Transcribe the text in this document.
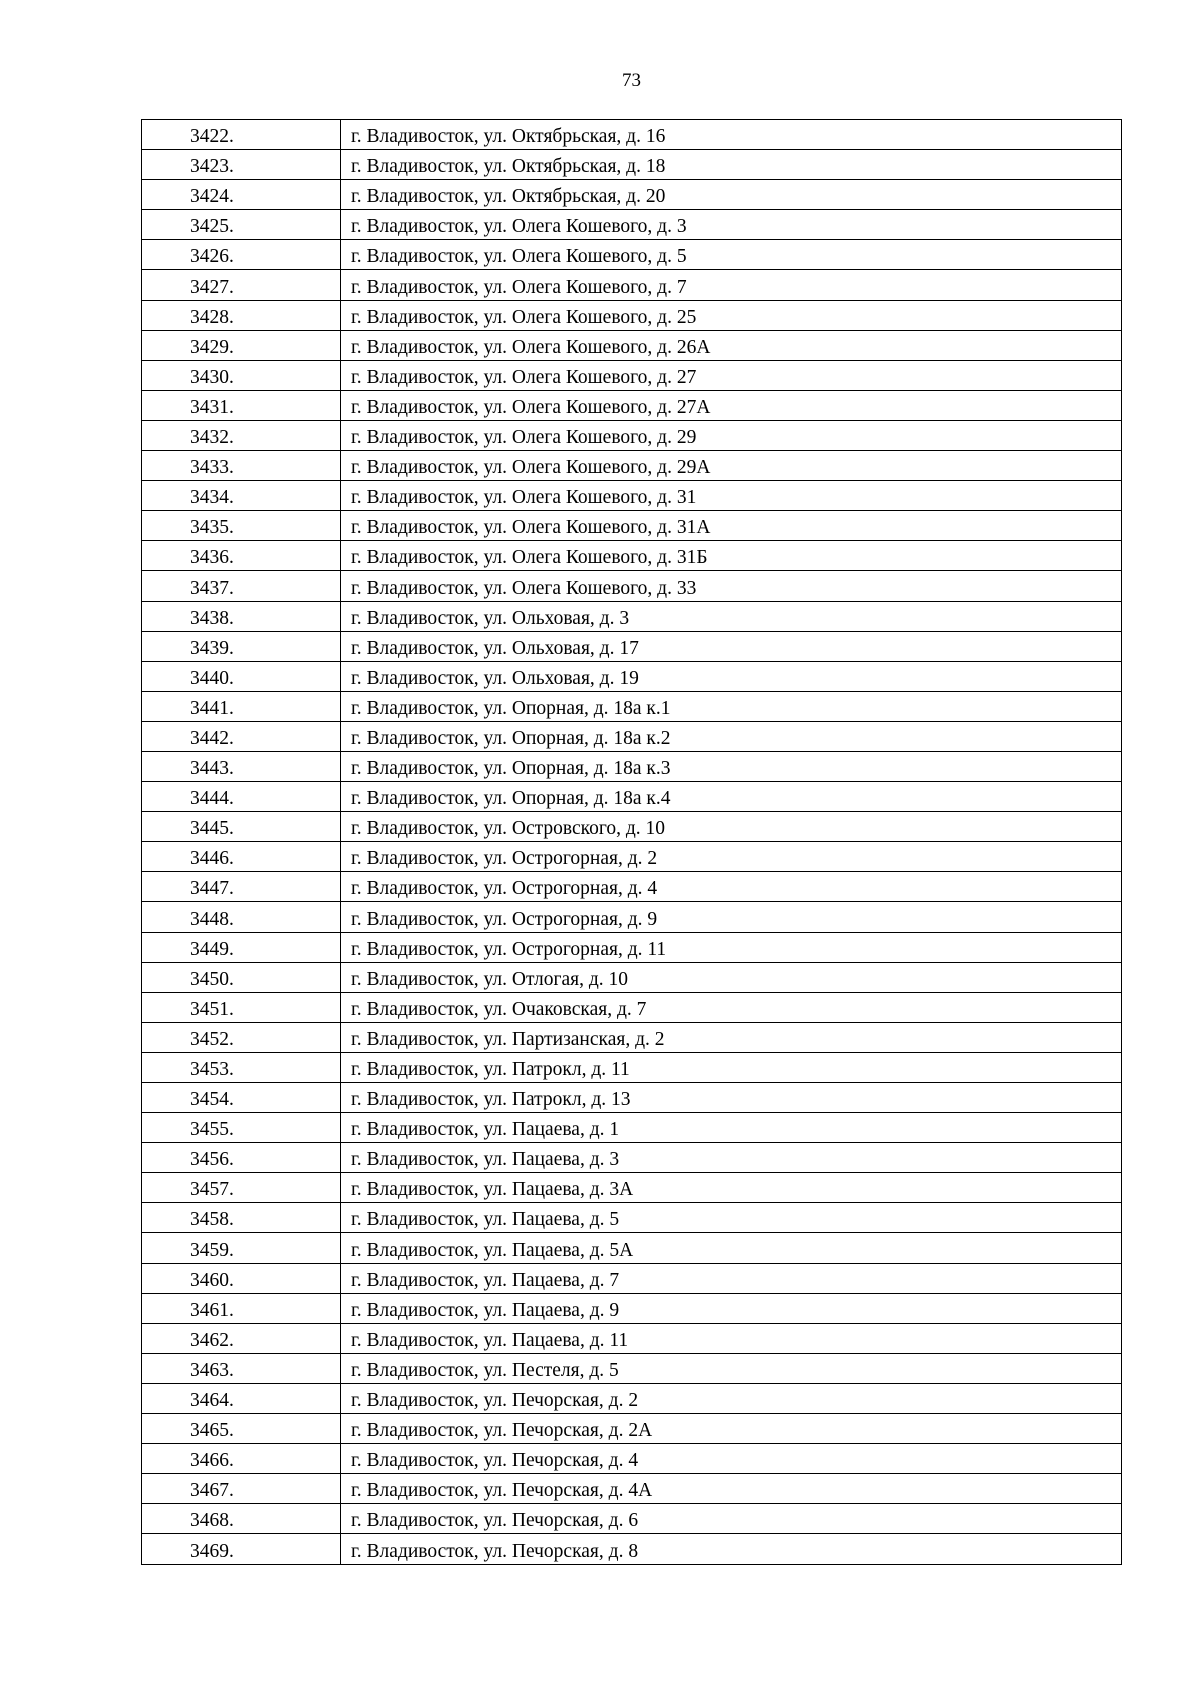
73
3422.	г. Владивосток, ул. Октябрьская, д. 16
3423.	г. Владивосток, ул. Октябрьская, д. 18
3424.	г. Владивосток, ул. Октябрьская, д. 20
3425.	г. Владивосток, ул. Олега Кошевого, д. 3
3426.	г. Владивосток, ул. Олега Кошевого, д. 5
3427.	г. Владивосток, ул. Олега Кошевого, д. 7
3428.	г. Владивосток, ул. Олега Кошевого, д. 25
3429.	г. Владивосток, ул. Олега Кошевого, д. 26А
3430.	г. Владивосток, ул. Олега Кошевого, д. 27
3431.	г. Владивосток, ул. Олега Кошевого, д. 27А
3432.	г. Владивосток, ул. Олега Кошевого, д. 29
3433.	г. Владивосток, ул. Олега Кошевого, д. 29А
3434.	г. Владивосток, ул. Олега Кошевого, д. 31
3435.	г. Владивосток, ул. Олега Кошевого, д. 31А
3436.	г. Владивосток, ул. Олега Кошевого, д. 31Б
3437.	г. Владивосток, ул. Олега Кошевого, д. 33
3438.	г. Владивосток, ул. Ольховая, д. 3
3439.	г. Владивосток, ул. Ольховая, д. 17
3440.	г. Владивосток, ул. Ольховая, д. 19
3441.	г. Владивосток, ул. Опорная, д. 18а к.1
3442.	г. Владивосток, ул. Опорная, д. 18а к.2
3443.	г. Владивосток, ул. Опорная, д. 18а к.3
3444.	г. Владивосток, ул. Опорная, д. 18а к.4
3445.	г. Владивосток, ул. Островского, д. 10
3446.	г. Владивосток, ул. Острогорная, д. 2
3447.	г. Владивосток, ул. Острогорная, д. 4
3448.	г. Владивосток, ул. Острогорная, д. 9
3449.	г. Владивосток, ул. Острогорная, д. 11
3450.	г. Владивосток, ул. Отлогая, д. 10
3451.	г. Владивосток, ул. Очаковская, д. 7
3452.	г. Владивосток, ул. Партизанская, д. 2
3453.	г. Владивосток, ул. Патрокл, д. 11
3454.	г. Владивосток, ул. Патрокл, д. 13
3455.	г. Владивосток, ул. Пацаева, д. 1
3456.	г. Владивосток, ул. Пацаева, д. 3
3457.	г. Владивосток, ул. Пацаева, д. 3А
3458.	г. Владивосток, ул. Пацаева, д. 5
3459.	г. Владивосток, ул. Пацаева, д. 5А
3460.	г. Владивосток, ул. Пацаева, д. 7
3461.	г. Владивосток, ул. Пацаева, д. 9
3462.	г. Владивосток, ул. Пацаева, д. 11
3463.	г. Владивосток, ул. Пестеля, д. 5
3464.	г. Владивосток, ул. Печорская, д. 2
3465.	г. Владивосток, ул. Печорская, д. 2А
3466.	г. Владивосток, ул. Печорская, д. 4
3467.	г. Владивосток, ул. Печорская, д. 4А
3468.	г. Владивосток, ул. Печорская, д. 6
3469.	г. Владивосток, ул. Печорская, д. 8
